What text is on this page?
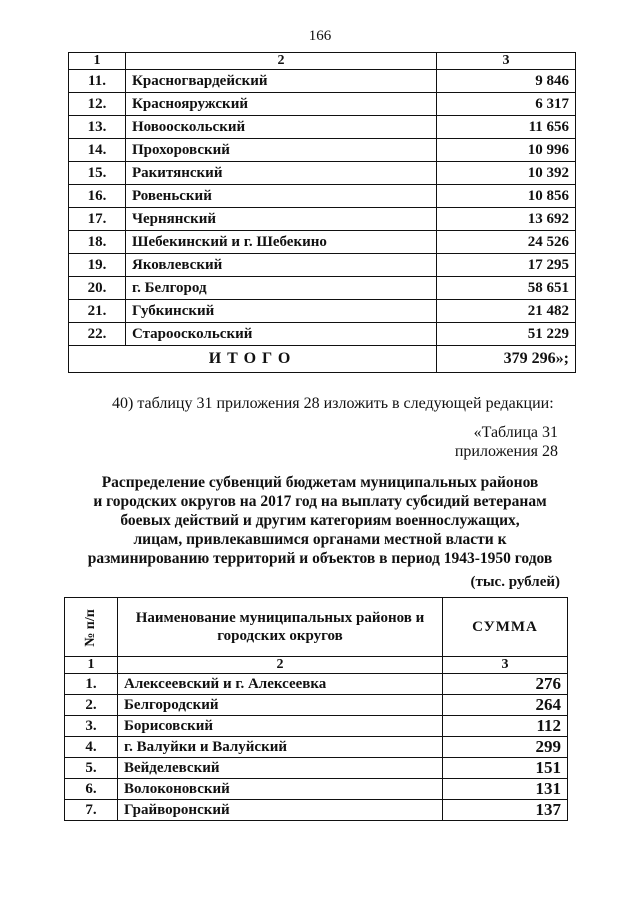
166
1	2	3
11.	Красногвардейский	9 846
12.	Краснояружский	6 317
13.	Новооскольский	11 656
14.	Прохоровский	10 996
15.	Ракитянский	10 392
16.	Ровеньский	10 856
17.	Чернянский	13 692
18.	Шебекинский и г. Шебекино	24 526
19.	Яковлевский	17 295
20.	г. Белгород	58 651
21.	Губкинский	21 482
22.	Старооскольский	51 229
ИТОГО		379 296»;
40) таблицу 31 приложения 28 изложить в следующей редакции:
«Таблица 31
приложения 28
Распределение субвенций бюджетам муниципальных районов
и городских округов на 2017 год на выплату субсидий ветеранам
боевых действий и другим категориям военнослужащих,
лицам, привлекавшимся органами местной власти к
разминированию территорий и объектов в период 1943-1950 годов
(тыс. рублей)
№ п/п	Наименование муниципальных районов и городских округов	СУММА
1	2	3
1.	Алексеевский и г. Алексеевка	276
2.	Белгородский	264
3.	Борисовский	112
4.	г. Валуйки и Валуйский	299
5.	Вейделевский	151
6.	Волоконовский	131
7.	Грайворонский	137
